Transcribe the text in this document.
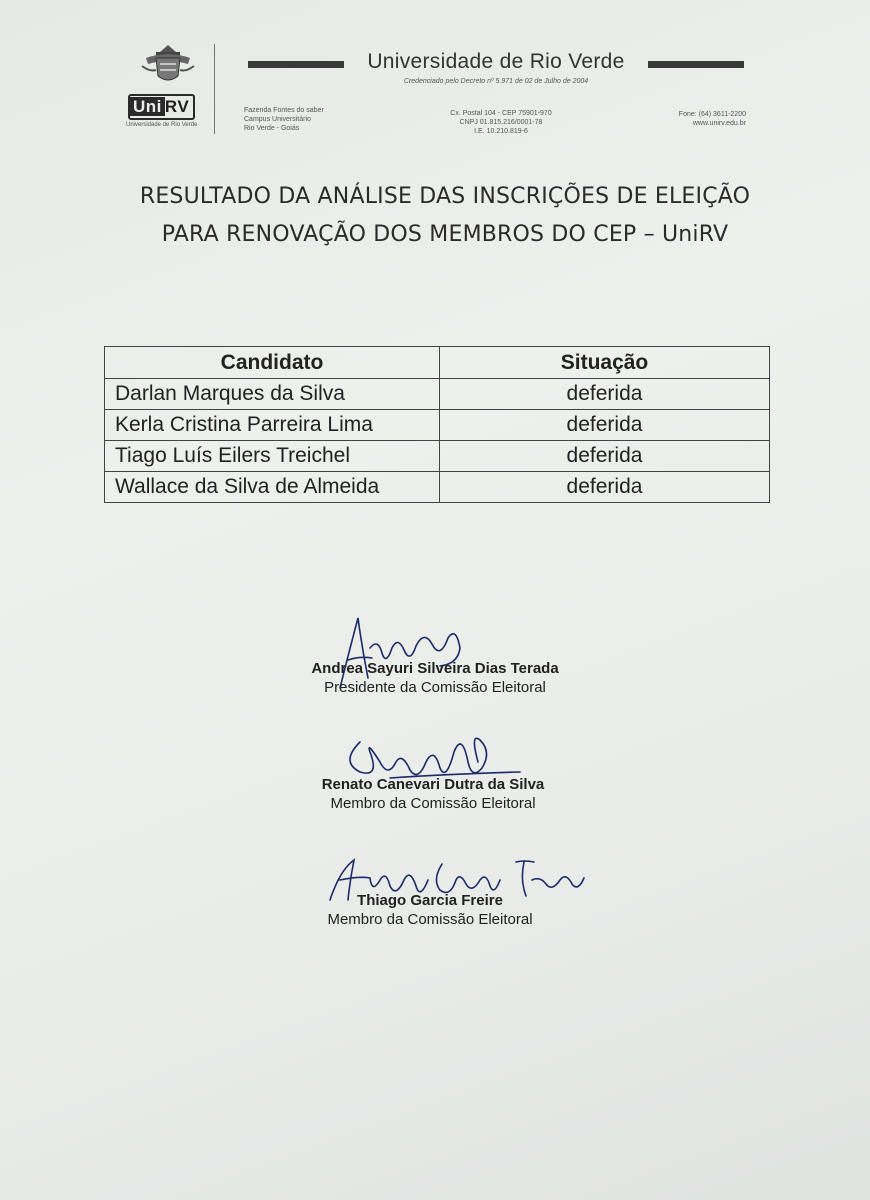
Uni RV
Universidade de Rio Verde
Universidade de Rio Verde
Credenciado pelo Decreto nº 5.971 de 02 de Julho de 2004
Fazenda Fontes do saber
Campus Universitário
Rio Verde - Goiás
Cx. Postal 104 - CEP 75901-970
CNPJ 01.815.216/0001-78
I.E. 10.210.819-6
Fone: (64) 3611-2200
www.unirv.edu.br
RESULTADO DA ANÁLISE DAS INSCRIÇÕES DE ELEIÇÃO
PARA RENOVAÇÃO DOS MEMBROS DO CEP – UniRV
Candidato	Situação
Darlan Marques da Silva	deferida
Kerla Cristina Parreira Lima	deferida
Tiago Luís Eilers Treichel	deferida
Wallace da Silva de Almeida	deferida
Andrea Sayuri Silveira Dias Terada
Presidente da Comissão Eleitoral
Renato Canevari Dutra da Silva
Membro da Comissão Eleitoral
Thiago Garcia Freire
Membro da Comissão Eleitoral
